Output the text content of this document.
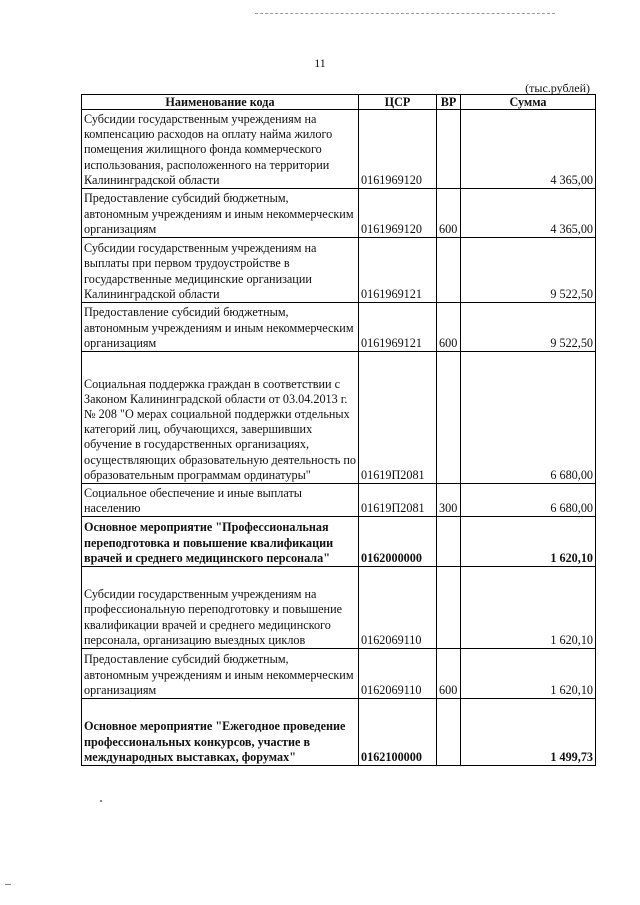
11
(тыс.рублей)
Наименование кода	ЦСР	ВР	Сумма
Субсидии государственным учреждениям на компенсацию расходов на оплату найма жилого помещения жилищного фонда коммерческого использования, расположенного на территории Калининградской области	0161969120		4 365,00
Предоставление субсидий бюджетным, автономным учреждениям и иным некоммерческим организациям	0161969120	600	4 365,00
Субсидии государственным учреждениям на выплаты при первом трудоустройстве в государственные медицинские организации Калининградской области	0161969121		9 522,50
Предоставление субсидий бюджетным, автономным учреждениям и иным некоммерческим организациям	0161969121	600	9 522,50
Социальная поддержка граждан в соответствии с Законом Калининградской области от 03.04.2013 г. № 208 "О мерах социальной поддержки отдельных категорий лиц, обучающихся, завершивших обучение в государственных организациях, осуществляющих образовательную деятельность по образовательным программам ординатуры"	01619П2081		6 680,00
Социальное обеспечение и иные выплаты населению	01619П2081	300	6 680,00
Основное мероприятие "Профессиональная переподготовка и повышение квалификации врачей и среднего медицинского персонала"	0162000000		1 620,10
Субсидии государственным учреждениям на профессиональную переподготовку и повышение квалификации врачей и среднего медицинского персонала, организацию выездных циклов	0162069110		1 620,10
Предоставление субсидий бюджетным, автономным учреждениям и иным некоммерческим организациям	0162069110	600	1 620,10
Основное мероприятие "Ежегодное проведение профессиональных конкурсов, участие в международных выставках, форумах"	0162100000		1 499,73
